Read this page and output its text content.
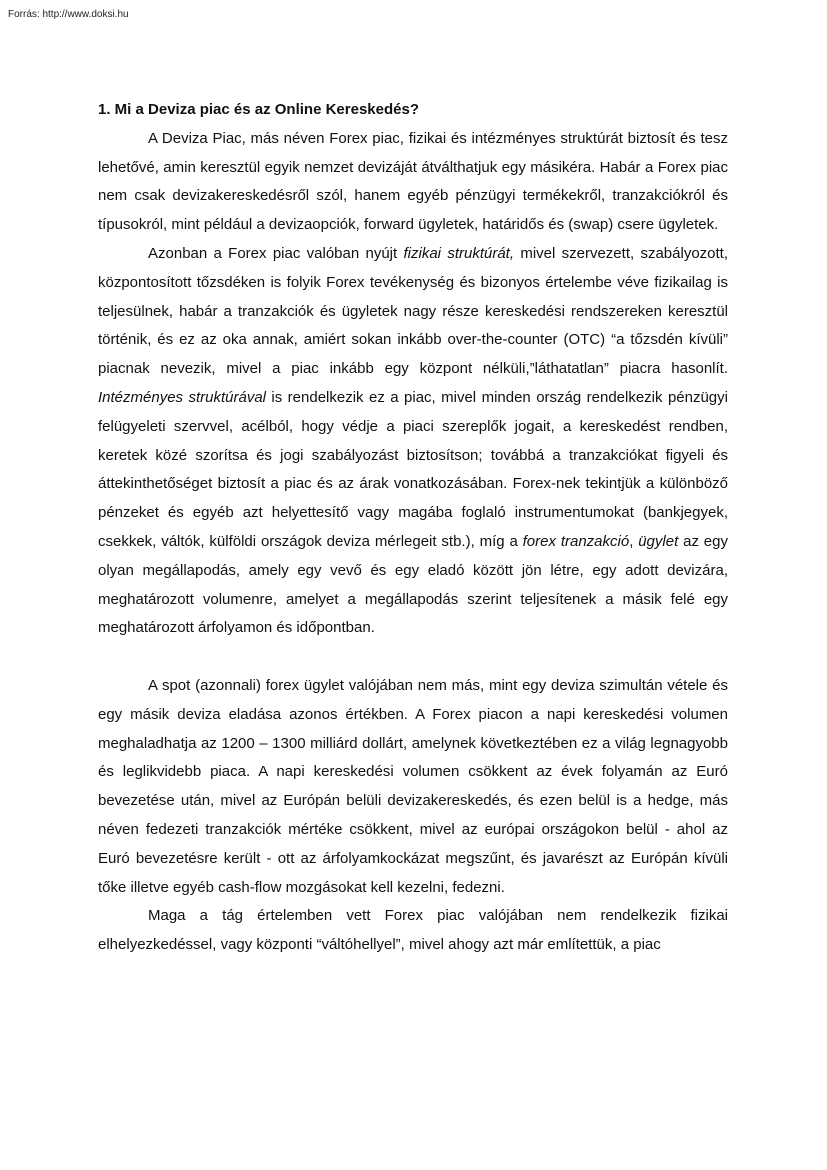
Forrás: http://www.doksi.hu

1. Mi a Deviza piac és az Online Kereskedés?

A Deviza Piac, más néven Forex piac, fizikai és intézményes struktúrát biztosít és tesz lehetővé, amin keresztül egyik nemzet devizáját átválthatjuk egy másikéra. Habár a Forex piac nem csak devizakereskedésről szól, hanem egyéb pénzügyi termékekről, tranzakciókról és típusokról, mint például a devizaopciók, forward ügyletek, határidős és (swap) csere ügyletek.

Azonban a Forex piac valóban nyújt fizikai struktúrát, mivel szervezett, szabályozott, központosított tőzsdéken is folyik Forex tevékenység és bizonyos értelembe véve fizikailag is teljesülnek, habár a tranzakciók és ügyletek nagy része kereskedési rendszereken keresztül történik, és ez az oka annak, amiért sokan inkább over-the-counter (OTC) “a tőzsdén kívüli” piacnak nevezik, mivel a piac inkább egy központ nélküli,”láthatatlan” piacra hasonlít. Intézményes struktúrával is rendelkezik ez a piac, mivel minden ország rendelkezik pénzügyi felügyeleti szervvel, acélból, hogy védje a piaci szereplők jogait, a kereskedést rendben, keretek közé szorítsa és jogi szabályozást biztosítson; továbbá a tranzakciókat figyeli és áttekinthetőséget biztosít a piac és az árak vonatkozásában. Forex-nek tekintjük a különböző pénzeket és egyéb azt helyettesítő vagy magába foglaló instrumentumokat (bankjegyek, csekkek, váltók, külföldi országok deviza mérlegeit stb.), míg a forex tranzakció, ügylet az egy olyan megállapodás, amely egy vevő és egy eladó között jön létre, egy adott devizára, meghatározott volumenre, amelyet a megállapodás szerint teljesítenek a másik felé egy meghatározott árfolyamon és időpontban.

A spot (azonnali) forex ügylet valójában nem más, mint egy deviza szimultán vétele és egy másik deviza eladása azonos értékben. A Forex piacon a napi kereskedési volumen meghaladhatja az 1200 – 1300 milliárd dollárt, amelynek következtében ez a világ legnagyobb és leglikvidebb piaca. A napi kereskedési volumen csökkent az évek folyamán az Euró bevezetése után, mivel az Európán belüli devizakereskedés, és ezen belül is a hedge, más néven fedezeti tranzakciók mértéke csökkent, mivel az európai országokon belül - ahol az Euró bevezetésre került - ott az árfolyamkockázat megszűnt, és javarészt az Európán kívüli tőke illetve egyéb cash-flow mozgásokat kell kezelni, fedezni.

Maga a tág értelemben vett Forex piac valójában nem rendelkezik fizikai elhelyezkedéssel, vagy központi “váltóhellyel”, mivel ahogy azt már említettük, a piac
